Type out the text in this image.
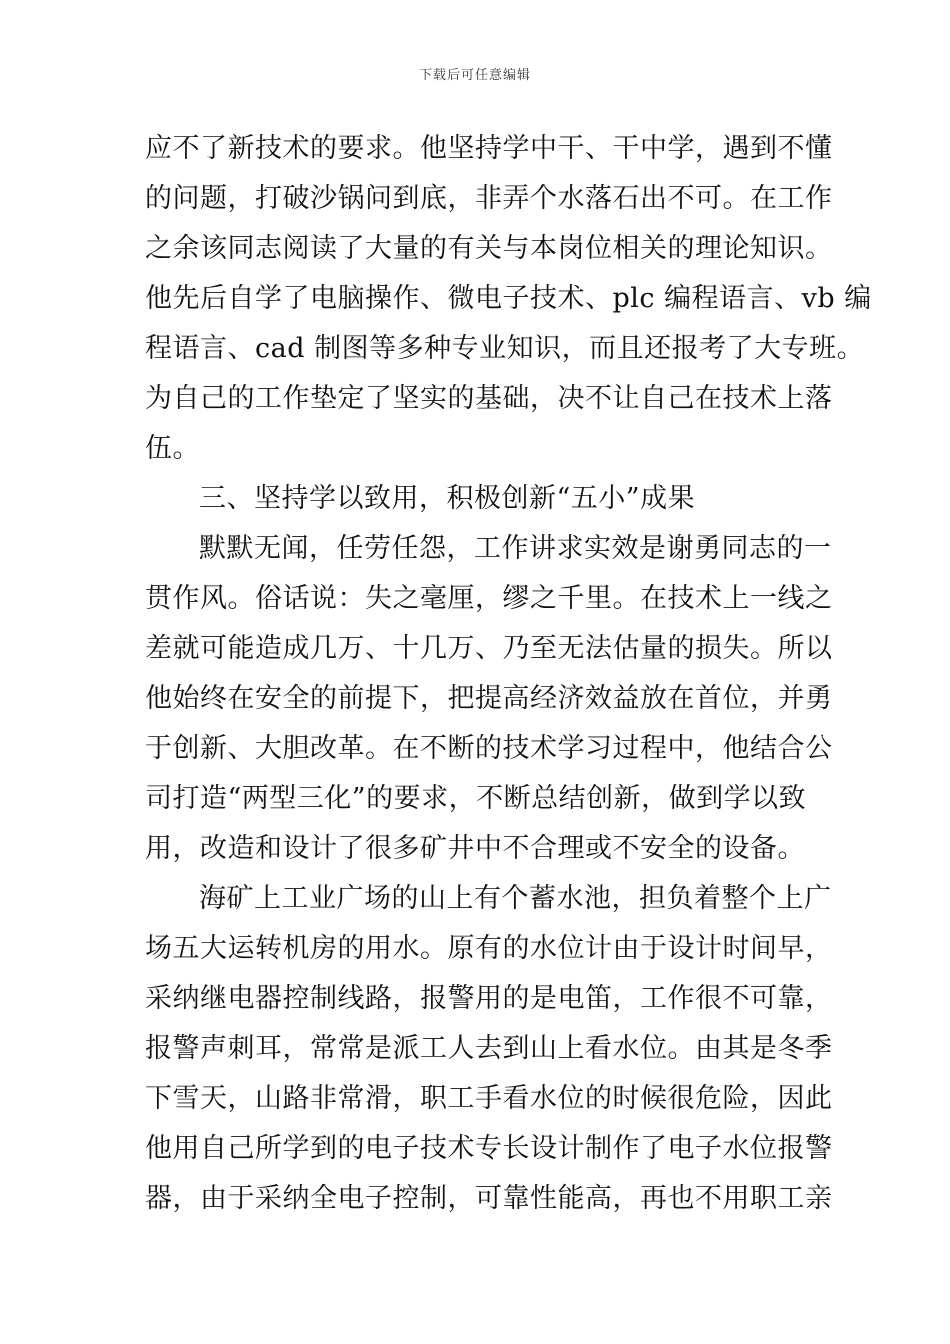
下载后可任意编辑
应不了新技术的要求。他坚持学中干、干中学，遇到不懂
的问题，打破沙锅问到底，非弄个水落石出不可。在工作
之余该同志阅读了大量的有关与本岗位相关的理论知识。
他先后自学了电脑操作、微电子技术、plc 编程语言、vb 编
程语言、cad 制图等多种专业知识，而且还报考了大专班。
为自己的工作垫定了坚实的基础，决不让自己在技术上落
伍。
三、坚持学以致用，积极创新“五小”成果
默默无闻，任劳任怨，工作讲求实效是谢勇同志的一
贯作风。俗话说：失之毫厘，缪之千里。在技术上一线之
差就可能造成几万、十几万、乃至无法估量的损失。所以
他始终在安全的前提下，把提高经济效益放在首位，并勇
于创新、大胆改革。在不断的技术学习过程中，他结合公
司打造“两型三化”的要求，不断总结创新，做到学以致
用，改造和设计了很多矿井中不合理或不安全的设备。
海矿上工业广场的山上有个蓄水池，担负着整个上广
场五大运转机房的用水。原有的水位计由于设计时间早，
采纳继电器控制线路，报警用的是电笛，工作很不可靠，
报警声刺耳，常常是派工人去到山上看水位。由其是冬季
下雪天，山路非常滑，职工手看水位的时候很危险，因此
他用自己所学到的电子技术专长设计制作了电子水位报警
器，由于采纳全电子控制，可靠性能高，再也不用职工亲
